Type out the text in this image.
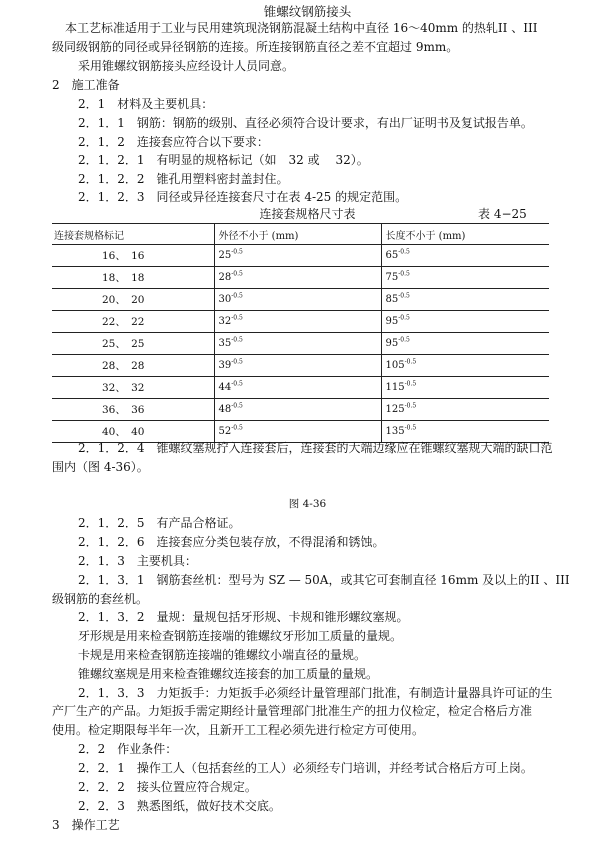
锥螺纹钢筋接头
本工艺标准适用于工业与民用建筑现浇钢筋混凝土结构中直径 16～40mm 的热轧II 、III
级同级钢筋的同径或异径钢筋的连接。所连接钢筋直径之差不宜超过 9mm。
采用锥螺纹钢筋接头应经设计人员同意。
2　施工准备
2．1　材料及主要机具：
2．1．1　钢筋：钢筋的级别、直径必须符合设计要求，有出厂证明书及复试报告单。
2．1．2　连接套应符合以下要求：
2．1．2．1　有明显的规格标记（如　32 或　 32）。
2．1．2．2　锥孔用塑料密封盖封住。
2．1．2．3　同径或异径连接套尺寸在表 4-25 的规定范围。
连接套规格尺寸表	表 4−25
连接套规格标记	外径不小于 (mm)	长度不小于 (mm)
16、　16	$25^{-0.5}$	$65^{-0.5}$
18、　18	$28^{-0.5}$	$75^{-0.5}$
20、　20	$30^{-0.5}$	$85^{-0.5}$
22、　22	$32^{-0.5}$	$95^{-0.5}$
25、　25	$35^{-0.5}$	$95^{-0.5}$
28、　28	$39^{-0.5}$	$105^{-0.5}$
32、　32	$44^{-0.5}$	$115^{-0.5}$
36、　36	$48^{-0.5}$	$125^{-0.5}$
40、　40	$52^{-0.5}$	$135^{-0.5}$
2．1．2．4　锥螺纹塞规拧入连接套后，连接套的大端边缘应在锥螺纹塞规大端的缺口范
围内（图 4-36）。
图 4-36
2．1．2．5　有产品合格证。
2．1．2．6　连接套应分类包装存放，不得混淆和锈蚀。
2．1．3　主要机具：
2．1．3．1　钢筋套丝机：型号为 SZ — 50A，或其它可套制直径 16mm 及以上的II 、III
级钢筋的套丝机。
2．1．3．2　量规：量规包括牙形规、卡规和锥形螺纹塞规。
牙形规是用来检查钢筋连接端的锥螺纹牙形加工质量的量规。
卡规是用来检查钢筋连接端的锥螺纹小端直径的量规。
锥螺纹塞规是用来检查锥螺纹连接套的加工质量的量规。
2．1．3．3　力矩扳手：力矩扳手必须经计量管理部门批准，有制造计量器具许可证的生
产厂生产的产品。力矩扳手需定期经计量管理部门批准生产的扭力仪检定，检定合格后方准
使用。检定期限每半年一次，且新开工工程必须先进行检定方可使用。
2．2　作业条件：
2．2．1　操作工人（包括套丝的工人）必须经专门培训，并经考试合格后方可上岗。
2．2．2　接头位置应符合规定。
2．2．3　熟悉图纸，做好技术交底。
3　操作工艺
